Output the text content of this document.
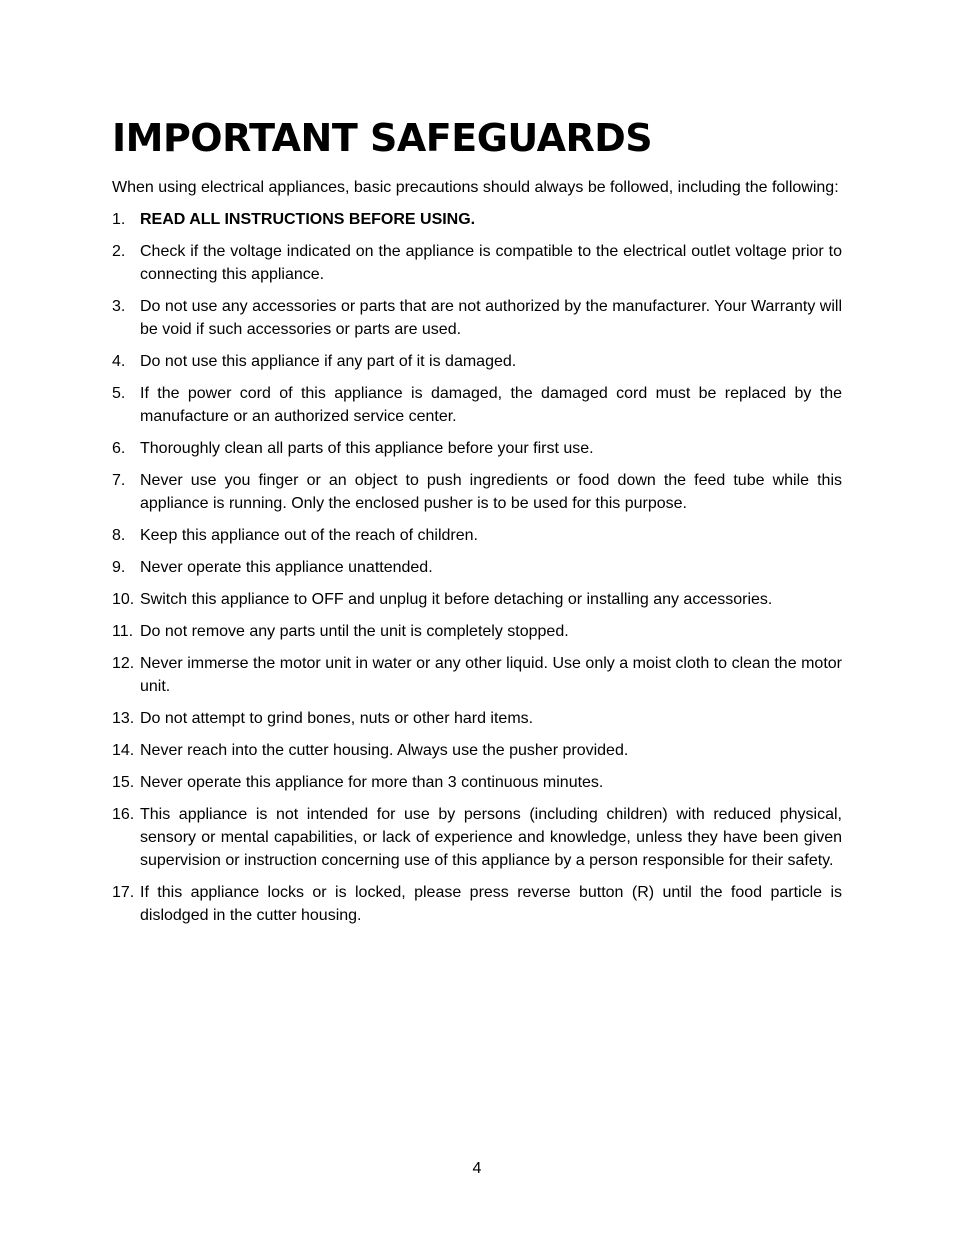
IMPORTANT SAFEGUARDS

When using electrical appliances, basic precautions should always be followed, including the following:

1. READ ALL INSTRUCTIONS BEFORE USING.
2. Check if the voltage indicated on the appliance is compatible to the electrical outlet voltage prior to connecting this appliance.
3. Do not use any accessories or parts that are not authorized by the manufacturer. Your Warranty will be void if such accessories or parts are used.
4. Do not use this appliance if any part of it is damaged.
5. If the power cord of this appliance is damaged, the damaged cord must be replaced by the manufacture or an authorized service center.
6. Thoroughly clean all parts of this appliance before your first use.
7. Never use you finger or an object to push ingredients or food down the feed tube while this appliance is running. Only the enclosed pusher is to be used for this purpose.
8. Keep this appliance out of the reach of children.
9. Never operate this appliance unattended.
10. Switch this appliance to OFF and unplug it before detaching or installing any accessories.
11. Do not remove any parts until the unit is completely stopped.
12. Never immerse the motor unit in water or any other liquid. Use only a moist cloth to clean the motor unit.
13. Do not attempt to grind bones, nuts or other hard items.
14. Never reach into the cutter housing. Always use the pusher provided.
15. Never operate this appliance for more than 3 continuous minutes.
16. This appliance is not intended for use by persons (including children) with reduced physical, sensory or mental capabilities, or lack of experience and knowledge, unless they have been given supervision or instruction concerning use of this appliance by a person responsible for their safety.
17. If this appliance locks or is locked, please press reverse button (R) until the food particle is dislodged in the cutter housing.
4
